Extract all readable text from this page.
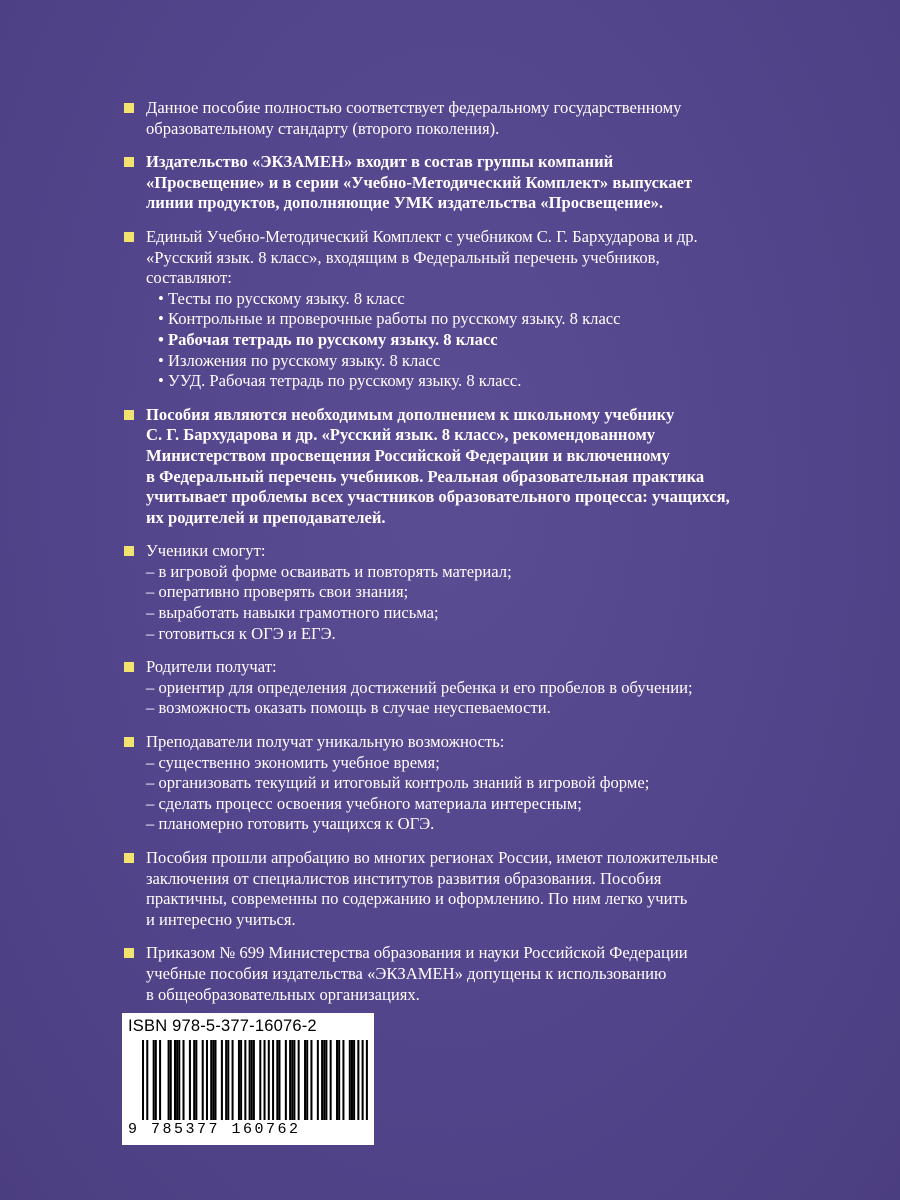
Данное пособие полностью соответствует федеральному государственному
образовательному стандарту (второго поколения).
Издательство «ЭКЗАМЕН» входит в состав группы компаний
«Просвещение» и в серии «Учебно-Методический Комплект» выпускает
линии продуктов, дополняющие УМК издательства «Просвещение».
Единый Учебно-Методический Комплект с учебником С. Г. Бархударова и др.
«Русский язык. 8 класс», входящим в Федеральный перечень учебников,
составляют:
• Тесты по русскому языку. 8 класс
• Контрольные и проверочные работы по русскому языку. 8 класс
• Рабочая тетрадь по русскому языку. 8 класс
• Изложения по русскому языку. 8 класс
• УУД. Рабочая тетрадь по русскому языку. 8 класс.
Пособия являются необходимым дополнением к школьному учебнику
С. Г. Бархударова и др. «Русский язык. 8 класс», рекомендованному
Министерством просвещения Российской Федерации и включенному
в Федеральный перечень учебников. Реальная образовательная практика
учитывает проблемы всех участников образовательного процесса: учащихся,
их родителей и преподавателей.
Ученики смогут:
– в игровой форме осваивать и повторять материал;
– оперативно проверять свои знания;
– выработать навыки грамотного письма;
– готовиться к ОГЭ и ЕГЭ.
Родители получат:
– ориентир для определения достижений ребенка и его пробелов в обучении;
– возможность оказать помощь в случае неуспеваемости.
Преподаватели получат уникальную возможность:
– существенно экономить учебное время;
– организовать текущий и итоговый контроль знаний в игровой форме;
– сделать процесс освоения учебного материала интересным;
– планомерно готовить учащихся к ОГЭ.
Пособия прошли апробацию во многих регионах России, имеют положительные
заключения от специалистов институтов развития образования. Пособия
практичны, современны по содержанию и оформлению. По ним легко учить
и интересно учиться.
Приказом № 699 Министерства образования и науки Российской Федерации
учебные пособия издательства «ЭКЗАМЕН» допущены к использованию
в общеобразовательных организациях.
ISBN 978-5-377-16076-2
9 785377 160762
